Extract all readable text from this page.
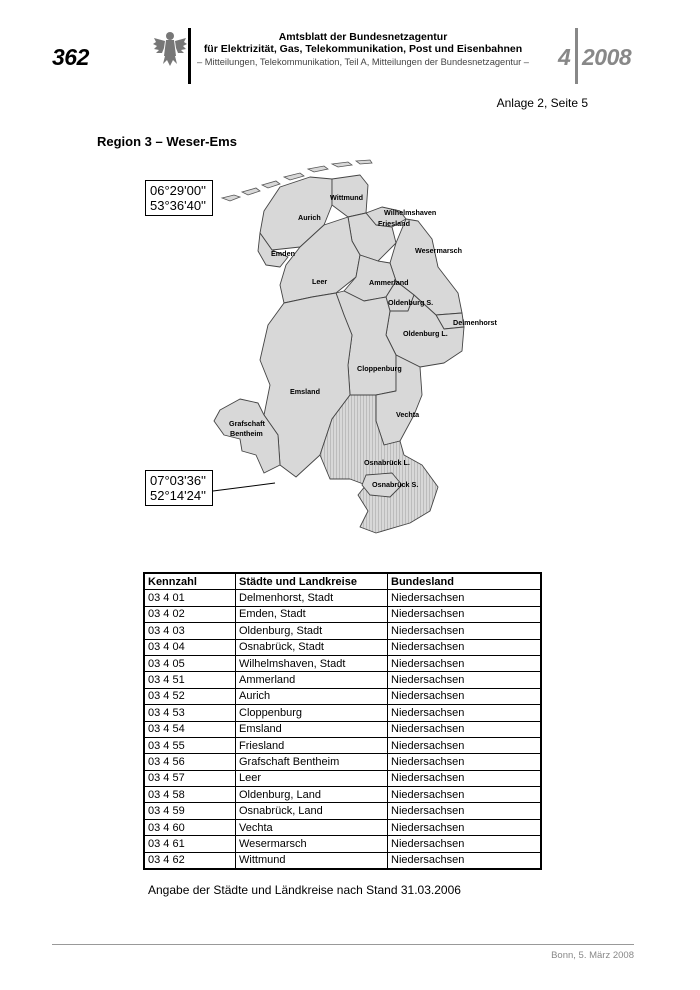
362
Amtsblatt der Bundesnetzagentur
für Elektrizität, Gas, Telekommunikation, Post und Eisenbahnen
– Mitteilungen, Telekommunikation, Teil A, Mitteilungen der Bundesnetzagentur – 4 2008
Anlage 2, Seite 5
Region 3 – Weser-Ems
Wittmund
Aurich
Wilhelmshaven
Friesland
Emden	Wesermarsch
Leer	Ammerland
Oldenburg S.
Delmenhorst
Oldenburg L.
Cloppenburg
Emsland
Vechta
Grafschaft
Bentheim
Osnabrück L.
Osnabrück S.
06°29'00''
53°36'40''
07°03'36''
52°14'24''
Kennzahl	Städte und Landkreise	Bundesland
03 4 01	Delmenhorst, Stadt	Niedersachsen
03 4 02	Emden, Stadt	Niedersachsen
03 4 03	Oldenburg, Stadt	Niedersachsen
03 4 04	Osnabrück, Stadt	Niedersachsen
03 4 05	Wilhelmshaven, Stadt	Niedersachsen
03 4 51	Ammerland	Niedersachsen
03 4 52	Aurich	Niedersachsen
03 4 53	Cloppenburg	Niedersachsen
03 4 54	Emsland	Niedersachsen
03 4 55	Friesland	Niedersachsen
03 4 56	Grafschaft Bentheim	Niedersachsen
03 4 57	Leer	Niedersachsen
03 4 58	Oldenburg, Land	Niedersachsen
03 4 59	Osnabrück, Land	Niedersachsen
03 4 60	Vechta	Niedersachsen
03 4 61	Wesermarsch	Niedersachsen
03 4 62	Wittmund	Niedersachsen
Angabe der Städte und Ländkreise nach Stand 31.03.2006
Bonn, 5. März 2008
